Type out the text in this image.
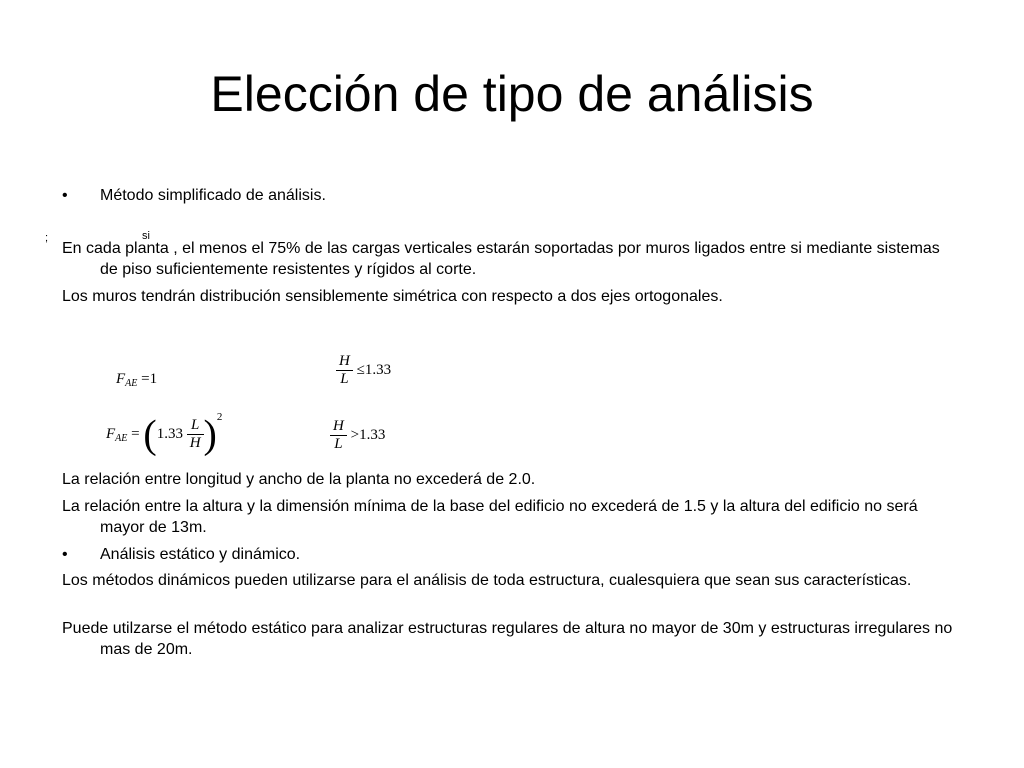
Elección de tipo de análisis
• Método simplificado de análisis.
;	si

En cada planta , el menos el 75% de las cargas verticales estarán soportadas por muros ligados entre si mediante sistemas de piso suficientemente resistentes y rígidos al corte.

Los muros tendrán distribución sensiblemente simétrica con respecto a dos ejes ortogonales.

$F_{AE} =1$	$\frac{H}{L} \le 1.33$
$F_{AE} = (1.33 \frac{L}{H} )^2$
$\frac{H}{L} >1.33$

La relación entre longitud y ancho de la planta no excederá de 2.0.

La relación entre la altura y la dimensión mínima de la base del edificio no excederá de 1.5 y la altura del edificio no será mayor de 13m.

• Análisis estático y dinámico.

Los métodos dinámicos pueden utilizarse para el análisis de toda estructura, cualesquiera que sean sus características.

Puede utilzarse el método estático para analizar estructuras regulares de altura no mayor de 30m y estructuras irregulares no mas de 20m.
